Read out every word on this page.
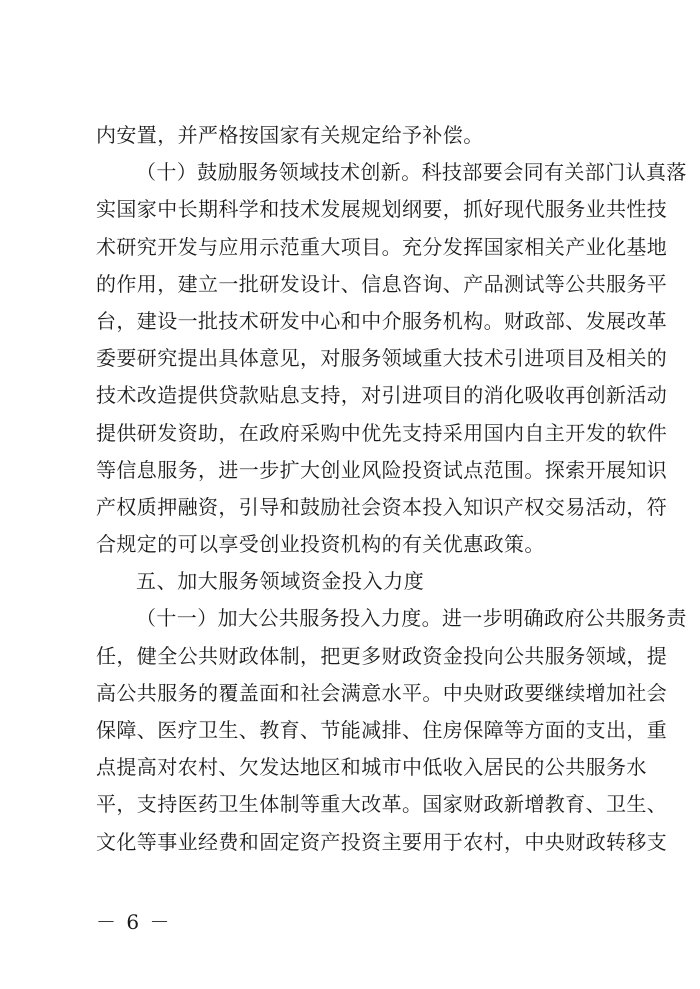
内安置，并严格按国家有关规定给予补偿。
（十）鼓励服务领域技术创新。科技部要会同有关部门认真落
实国家中长期科学和技术发展规划纲要，抓好现代服务业共性技
术研究开发与应用示范重大项目。充分发挥国家相关产业化基地
的作用，建立一批研发设计、信息咨询、产品测试等公共服务平
台，建设一批技术研发中心和中介服务机构。财政部、发展改革
委要研究提出具体意见，对服务领域重大技术引进项目及相关的
技术改造提供贷款贴息支持，对引进项目的消化吸收再创新活动
提供研发资助，在政府采购中优先支持采用国内自主开发的软件
等信息服务，进一步扩大创业风险投资试点范围。探索开展知识
产权质押融资，引导和鼓励社会资本投入知识产权交易活动，符
合规定的可以享受创业投资机构的有关优惠政策。
五、加大服务领域资金投入力度
（十一）加大公共服务投入力度。进一步明确政府公共服务责
任，健全公共财政体制，把更多财政资金投向公共服务领域，提
高公共服务的覆盖面和社会满意水平。中央财政要继续增加社会
保障、医疗卫生、教育、节能减排、住房保障等方面的支出，重
点提高对农村、欠发达地区和城市中低收入居民的公共服务水
平，支持医药卫生体制等重大改革。国家财政新增教育、卫生、
文化等事业经费和固定资产投资主要用于农村，中央财政转移支
－ 6 －
